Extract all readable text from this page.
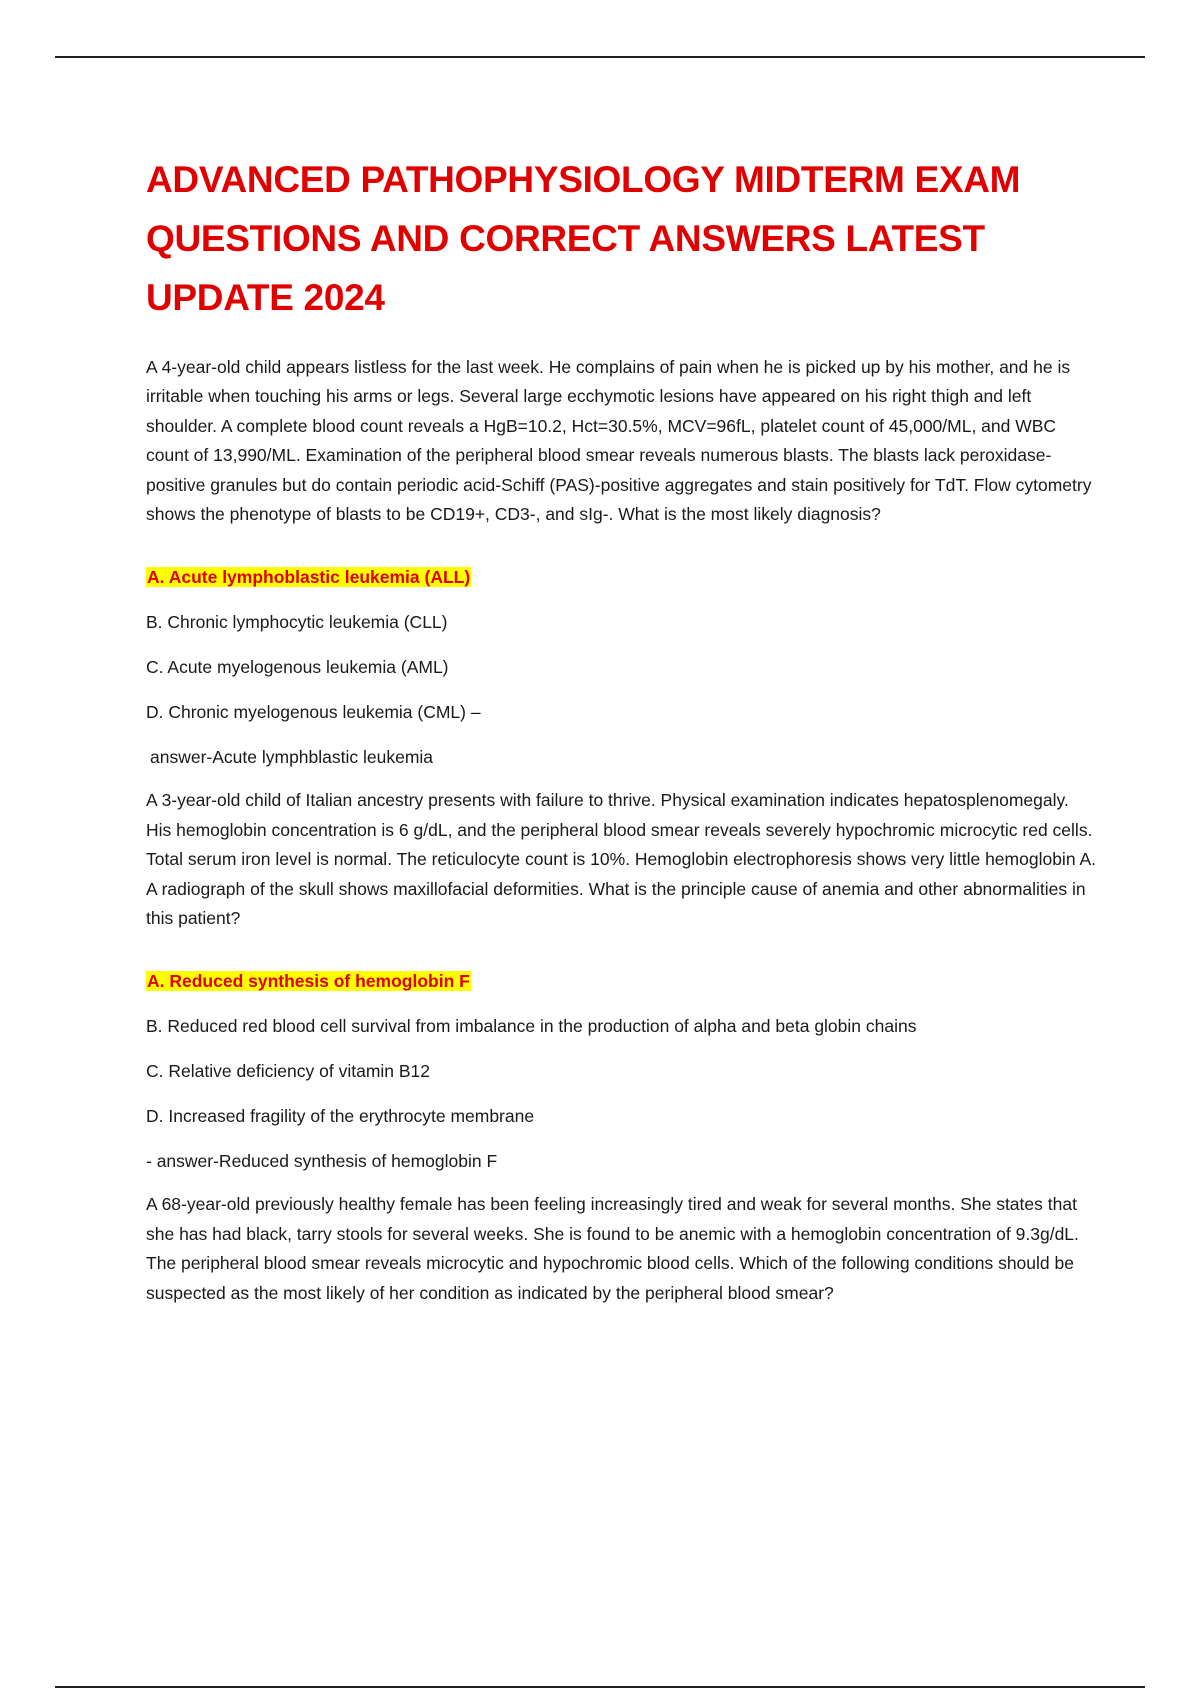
ADVANCED PATHOPHYSIOLOGY MIDTERM EXAM
QUESTIONS AND CORRECT ANSWERS LATEST
UPDATE 2024

A 4-year-old child appears listless for the last week. He complains of pain when he is picked up by his mother, and he is irritable when touching his arms or legs. Several large ecchymotic lesions have appeared on his right thigh and left shoulder. A complete blood count reveals a HgB=10.2, Hct=30.5%, MCV=96fL, platelet count of 45,000/ML, and WBC count of 13,990/ML. Examination of the peripheral blood smear reveals numerous blasts. The blasts lack peroxidase-positive granules but do contain periodic acid-Schiff (PAS)-positive aggregates and stain positively for TdT. Flow cytometry shows the phenotype of blasts to be CD19+, CD3-, and sIg-. What is the most likely diagnosis?

A. Acute lymphoblastic leukemia (ALL)
B. Chronic lymphocytic leukemia (CLL)
C. Acute myelogenous leukemia (AML)
D. Chronic myelogenous leukemia (CML) –
answer-Acute lymphblastic leukemia

A 3-year-old child of Italian ancestry presents with failure to thrive. Physical examination indicates hepatosplenomegaly. His hemoglobin concentration is 6 g/dL, and the peripheral blood smear reveals severely hypochromic microcytic red cells. Total serum iron level is normal. The reticulocyte count is 10%. Hemoglobin electrophoresis shows very little hemoglobin A. A radiograph of the skull shows maxillofacial deformities. What is the principle cause of anemia and other abnormalities in this patient?

A. Reduced synthesis of hemoglobin F
B. Reduced red blood cell survival from imbalance in the production of alpha and beta globin chains
C. Relative deficiency of vitamin B12
D. Increased fragility of the erythrocyte membrane
- answer-Reduced synthesis of hemoglobin F

A 68-year-old previously healthy female has been feeling increasingly tired and weak for several months. She states that she has had black, tarry stools for several weeks. She is found to be anemic with a hemoglobin concentration of 9.3g/dL. The peripheral blood smear reveals microcytic and hypochromic blood cells. Which of the following conditions should be suspected as the most likely of her condition as indicated by the peripheral blood smear?
